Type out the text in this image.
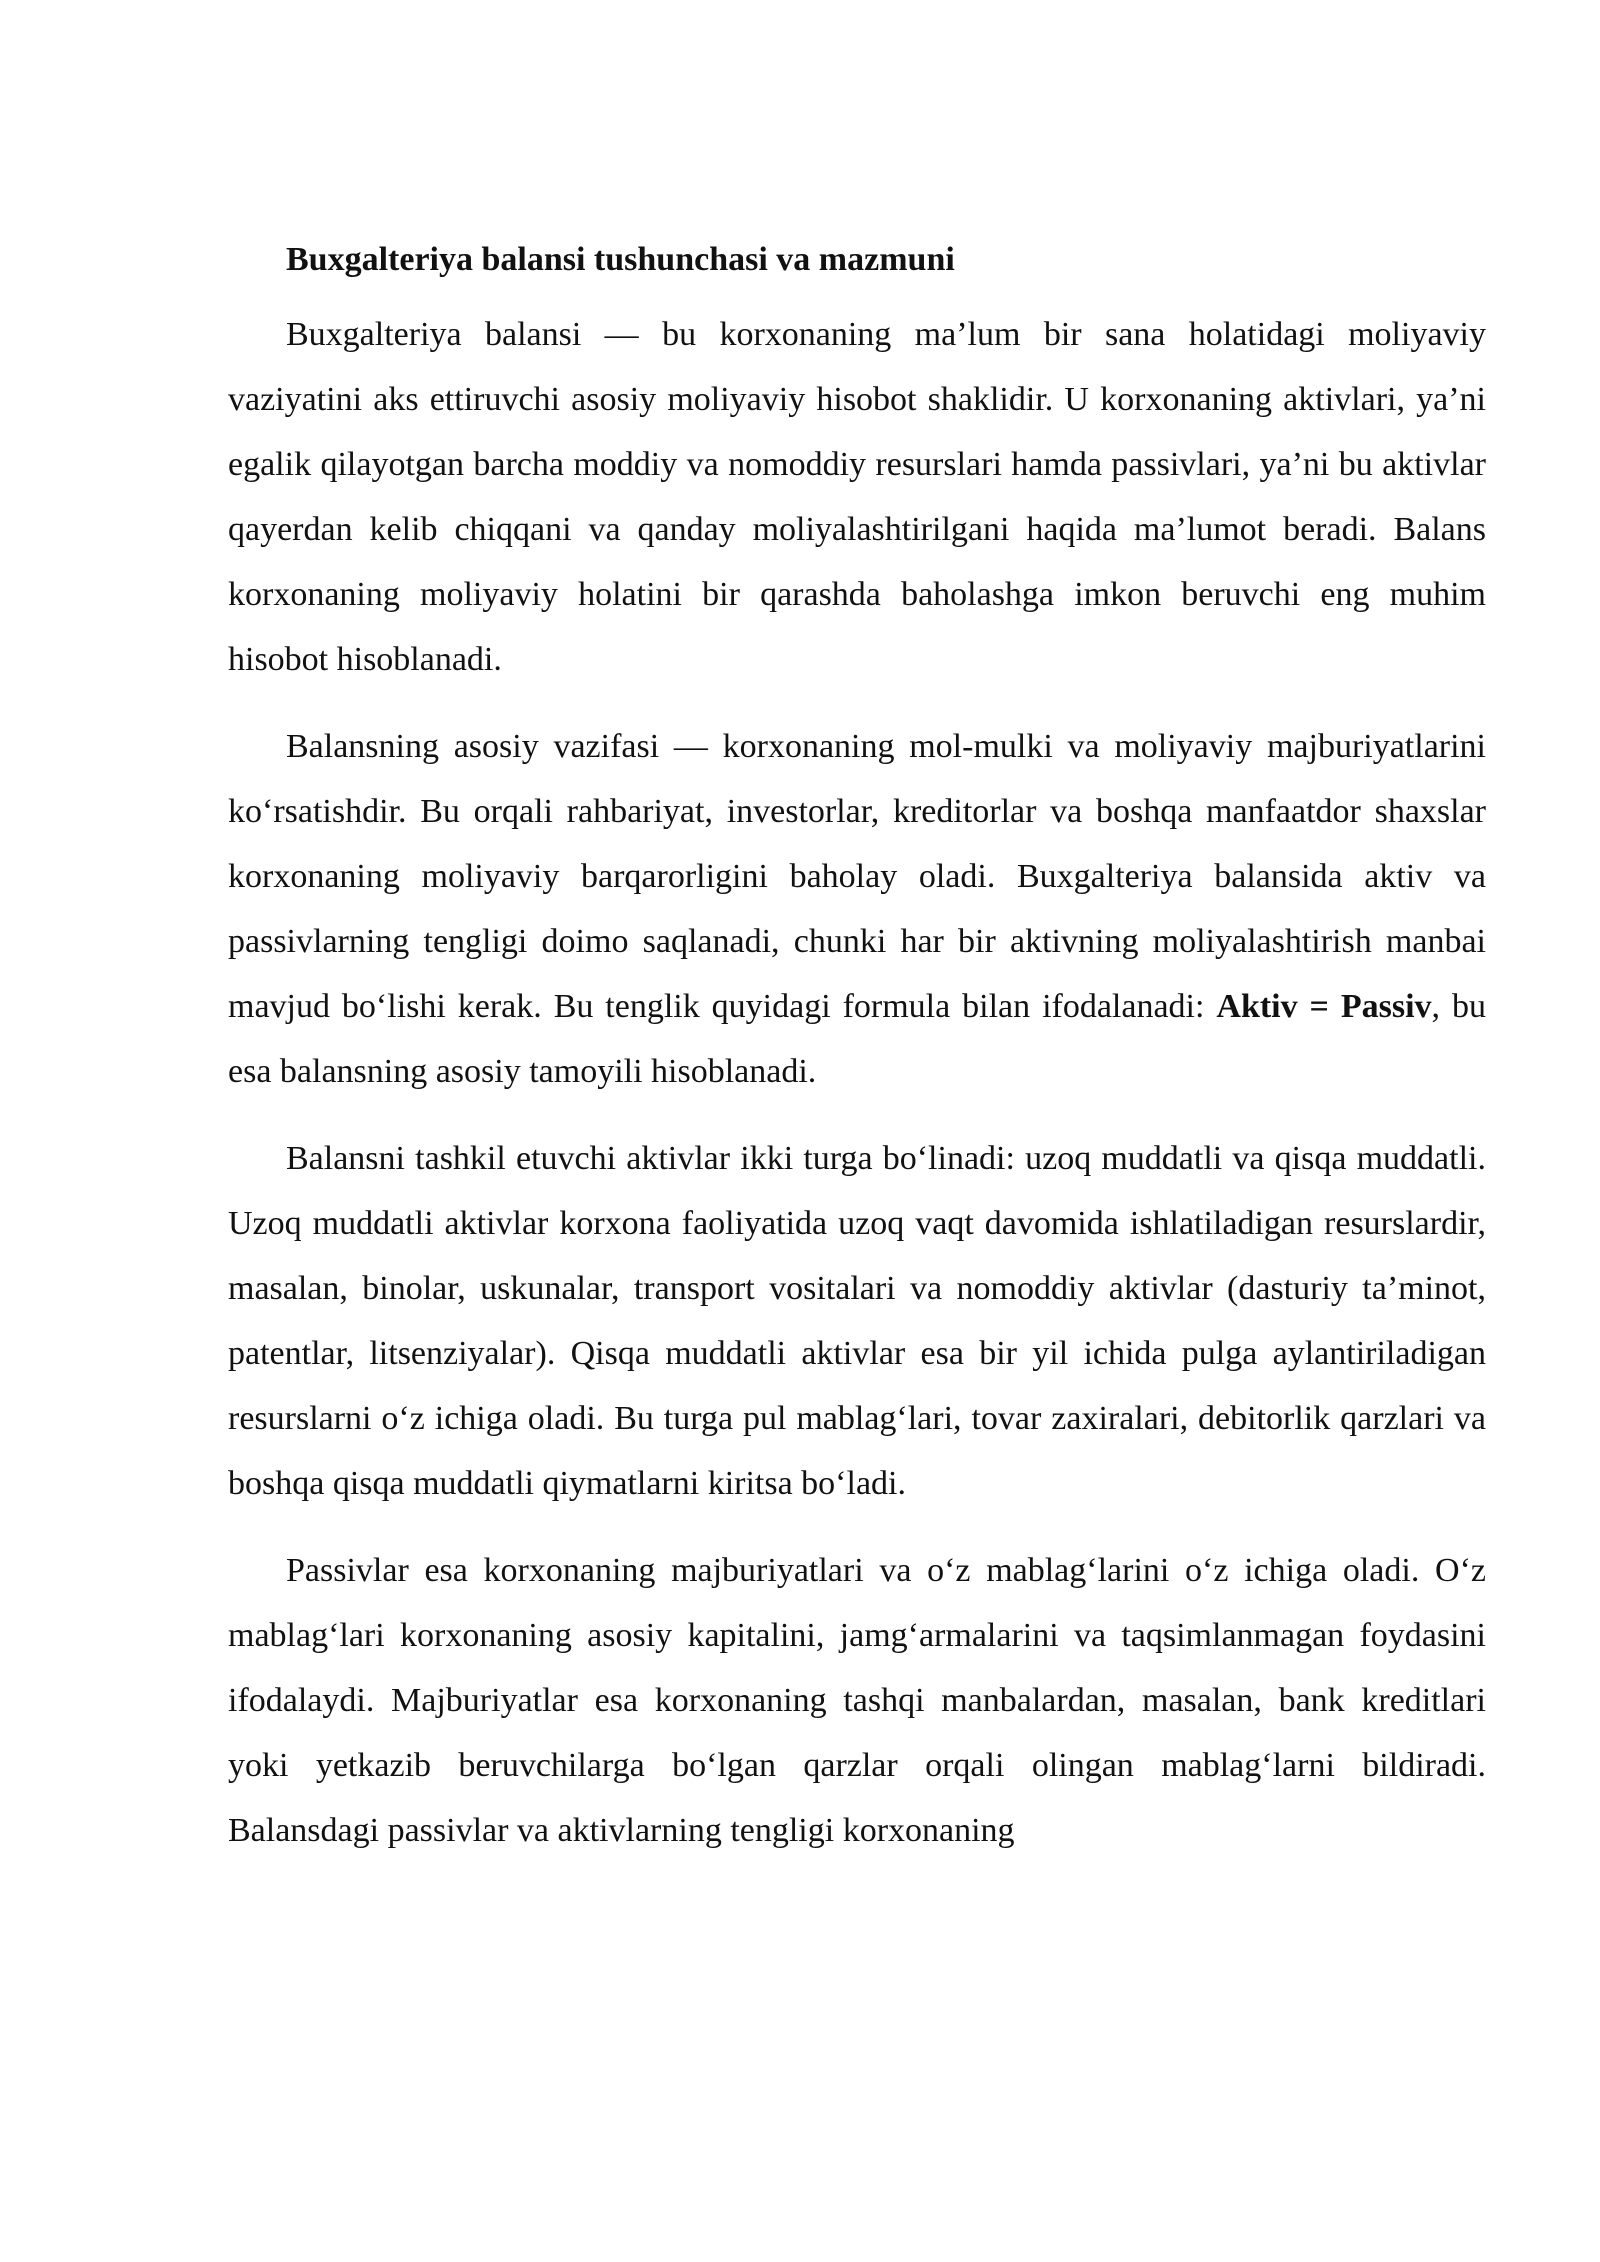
Buxgalteriya balansi tushunchasi va mazmuni

Buxgalteriya balansi — bu korxonaning ma’lum bir sana holatidagi moliyaviy vaziyatini aks ettiruvchi asosiy moliyaviy hisobot shaklidir. U korxonaning aktivlari, ya’ni egalik qilayotgan barcha moddiy va nomoddiy resurslari hamda passivlari, ya’ni bu aktivlar qayerdan kelib chiqqani va qanday moliyalashtirilgani haqida ma’lumot beradi. Balans korxonaning moliyaviy holatini bir qarashda baholashga imkon beruvchi eng muhim hisobot hisoblanadi.

Balansning asosiy vazifasi — korxonaning mol-mulki va moliyaviy majburiyatlarini ko‘rsatishdir. Bu orqali rahbariyat, investorlar, kreditorlar va boshqa manfaatdor shaxslar korxonaning moliyaviy barqarorligini baholay oladi. Buxgalteriya balansida aktiv va passivlarning tengligi doimo saqlanadi, chunki har bir aktivning moliyalashtirish manbai mavjud bo‘lishi kerak. Bu tenglik quyidagi formula bilan ifodalanadi: Aktiv = Passiv, bu esa balansning asosiy tamoyili hisoblanadi.

Balansni tashkil etuvchi aktivlar ikki turga bo‘linadi: uzoq muddatli va qisqa muddatli. Uzoq muddatli aktivlar korxona faoliyatida uzoq vaqt davomida ishlatiladigan resurslardir, masalan, binolar, uskunalar, transport vositalari va nomoddiy aktivlar (dasturiy ta’minot, patentlar, litsenziyalar). Qisqa muddatli aktivlar esa bir yil ichida pulga aylantiriladigan resurslarni o‘z ichiga oladi. Bu turga pul mablag‘lari, tovar zaxiralari, debitorlik qarzlari va boshqa qisqa muddatli qiymatlarni kiritsa bo‘ladi.

Passivlar esa korxonaning majburiyatlari va o‘z mablag‘larini o‘z ichiga oladi. O‘z mablag‘lari korxonaning asosiy kapitalini, jamg‘armalarini va taqsimlanmagan foydasini ifodalaydi. Majburiyatlar esa korxonaning tashqi manbalardan, masalan, bank kreditlari yoki yetkazib beruvchilarga bo‘lgan qarzlar orqali olingan mablag‘larni bildiradi. Balansdagi passivlar va aktivlarning tengligi korxonaning
